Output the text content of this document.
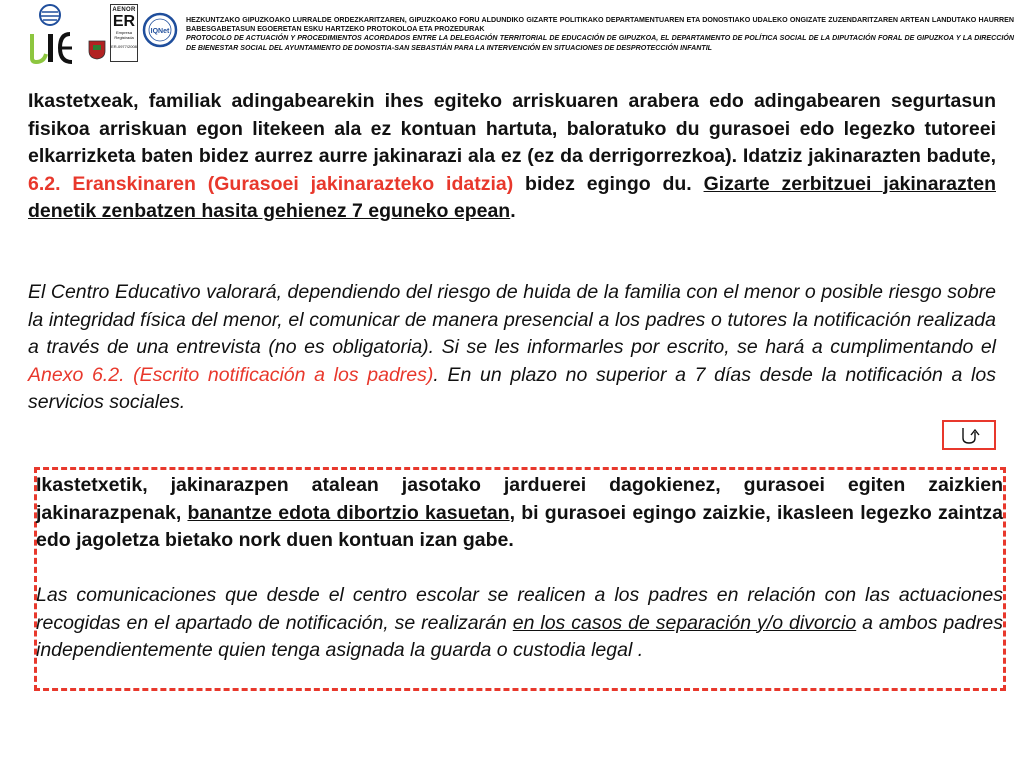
AENOR
ER
Empresa Registrada
ER-0977/2008
IQNet
HEZKUNTZAKO GIPUZKOAKO LURRALDE ORDEZKARITZAREN, GIPUZKOAKO FORU ALDUNDIKO GIZARTE POLITIKAKO DEPARTAMENTUAREN ETA DONOSTIAKO UDALEKO ONGIZATE ZUZENDARITZAREN ARTEAN LANDUTAKO HAURREN BABESGABETASUN EGOERETAN ESKU HARTZEKO PROTOKOLOA ETA PROZEDURAK
PROTOCOLO DE ACTUACIÓN Y PROCEDIMIENTOS ACORDADOS ENTRE LA DELEGACIÓN TERRITORIAL DE EDUCACIÓN DE GIPUZKOA, EL DEPARTAMENTO DE POLÍTICA SOCIAL DE LA DIPUTACIÓN FORAL DE GIPUZKOA Y LA DIRECCIÓN DE BIENESTAR SOCIAL DEL AYUNTAMIENTO DE DONOSTIA-SAN SEBASTIÁN PARA LA INTERVENCIÓN EN SITUACIONES DE DESPROTECCIÓN INFANTIL
Ikastetxeak, familiak adingabearekin ihes egiteko arriskuaren arabera edo adingabearen segurtasun fisikoa arriskuan egon litekeen ala ez kontuan hartuta, baloratuko du gurasoei edo legezko tutoreei elkarrizketa baten bidez aurrez aurre jakinarazi ala ez (ez da derrigorrezkoa). Idatziz jakinarazten badute, 6.2. Eranskinaren (Gurasoei jakinarazteko idatzia) bidez egingo du. Gizarte zerbitzuei jakinarazten denetik zenbatzen hasita gehienez 7 eguneko epean.
El Centro Educativo valorará, dependiendo del riesgo de huida de la familia con el menor o posible riesgo sobre la integridad física del menor, el comunicar de manera presencial a los padres o tutores la notificación realizada a través de una entrevista (no es obligatoria). Si se les informarles por escrito, se hará a cumplimentando el Anexo 6.2. (Escrito notificación a los padres). En un plazo no superior a 7 días desde la notificación a los servicios sociales.
Ikastetxetik, jakinarazpen atalean jasotako jarduerei dagokienez, gurasoei egiten zaizkien jakinarazpenak, banantze edota dibortzio kasuetan, bi gurasoei egingo zaizkie, ikasleen legezko zaintza edo jagoletza bietako nork duen kontuan izan gabe.
Las comunicaciones que desde el centro escolar se realicen a los padres en relación con las actuaciones recogidas en el apartado de notificación, se realizarán en los casos de separación y/o divorcio a ambos padres independientemente quien tenga asignada la guarda o custodia legal .
